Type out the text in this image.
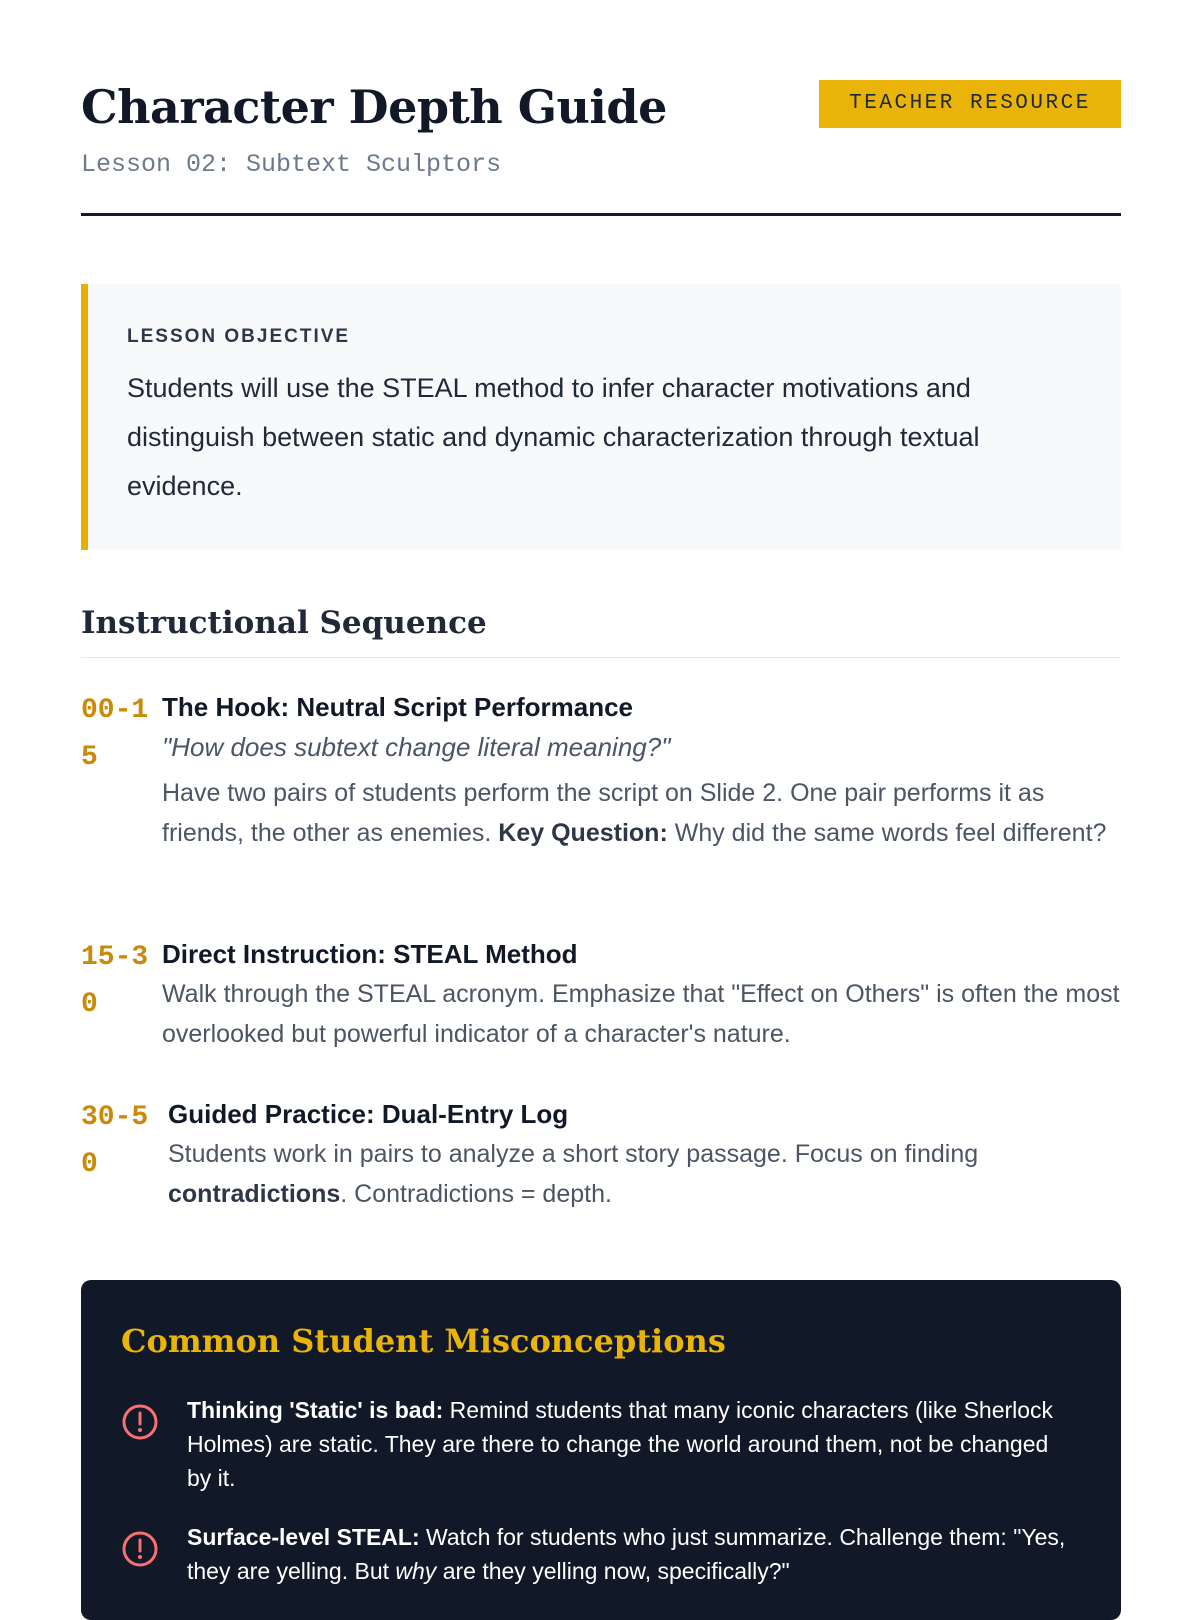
Character Depth Guide
Lesson 02: Subtext Sculptors
TEACHER RESOURCE
LESSON OBJECTIVE
Students will use the STEAL method to infer character motivations and distinguish between static and dynamic characterization through textual evidence.
Instructional Sequence
00-15
The Hook: Neutral Script Performance
"How does subtext change literal meaning?"
Have two pairs of students perform the script on Slide 2. One pair performs it as friends, the other as enemies. Key Question: Why did the same words feel different?
15-30
Direct Instruction: STEAL Method
Walk through the STEAL acronym. Emphasize that "Effect on Others" is often the most overlooked but powerful indicator of a character's nature.
30-50
Guided Practice: Dual-Entry Log
Students work in pairs to analyze a short story passage. Focus on finding contradictions. Contradictions = depth.
Common Student Misconceptions
Thinking 'Static' is bad: Remind students that many iconic characters (like Sherlock Holmes) are static. They are there to change the world around them, not be changed by it.
Surface-level STEAL: Watch for students who just summarize. Challenge them: "Yes, they are yelling. But why are they yelling now, specifically?"
